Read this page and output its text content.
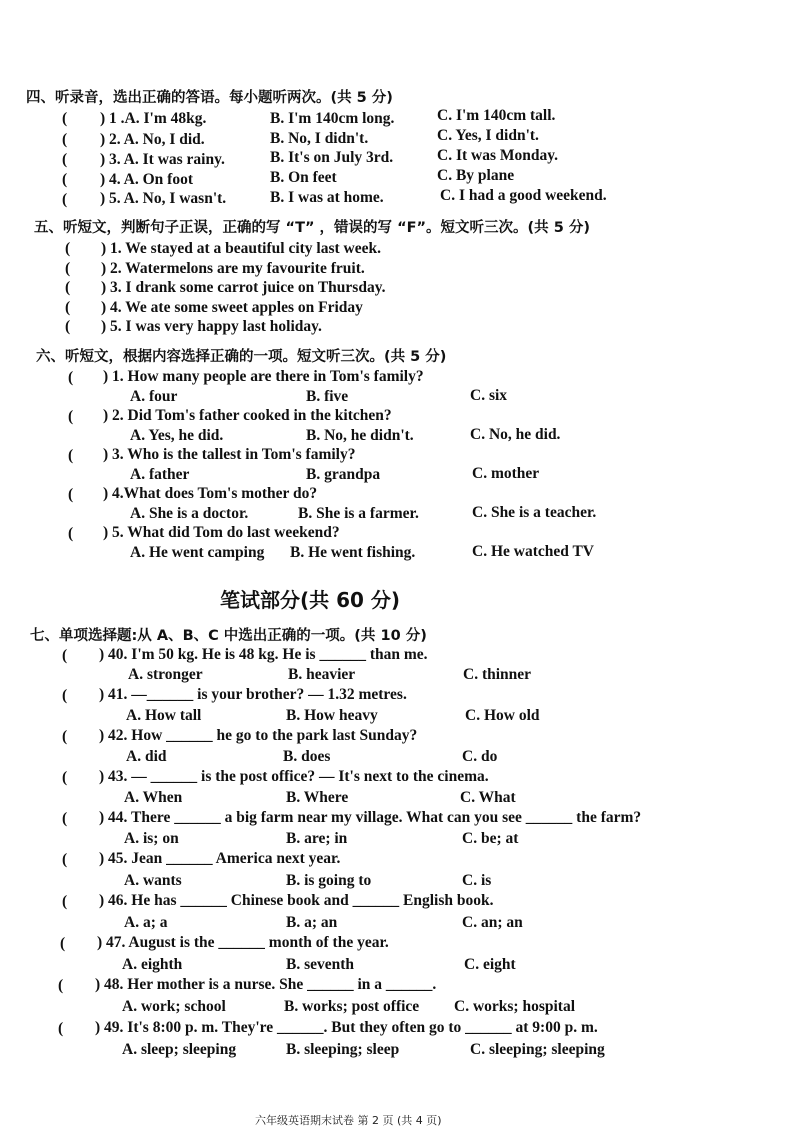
四、听录音，选出正确的答语。每小题听两次。(共 5 分)
( ) 1 .A. I'm 48kg.	B. I'm 140cm long.	C. I'm 140cm tall.
( ) 2. A. No, I did.	B. No, I didn't.	C. Yes, I didn't.
( ) 3. A. It was rainy.	B. It's on July 3rd.	C. It was Monday.
( ) 4. A. On foot	B. On feet	C. By plane
( ) 5. A. No, I wasn't.	B. I was at home.	C. I had a good weekend.
五、听短文，判断句子正误，正确的写 “T” ，错误的写 “F”。短文听三次。(共 5 分)
( ) 1. We stayed at a beautiful city last week.
( ) 2. Watermelons are my favourite fruit.
( ) 3. I drank some carrot juice on Thursday.
( ) 4. We ate some sweet apples on Friday
( ) 5. I was very happy last holiday.
六、听短文，根据内容选择正确的一项。短文听三次。(共 5 分)
( ) 1. How many people are there in Tom's family?
A. four	B. five	C. six
( ) 2. Did Tom's father cooked in the kitchen?
A. Yes, he did.	B. No, he didn't.	C. No, he did.
( ) 3. Who is the tallest in Tom's family?
A. father	B. grandpa	C. mother
( ) 4.What does Tom's mother do?
A. She is a doctor.	B. She is a farmer.	C. She is a teacher.
( ) 5. What did Tom do last weekend?
A. He went camping B. He went fishing.	C. He watched TV
笔试部分(共 60 分)
七、单项选择题:从 A、B、C 中选出正确的一项。(共 10 分)
( ) 40. I'm 50 kg. He is 48 kg. He is ______ than me.
A. stronger	B. heavier	C. thinner
( ) 41. —______ is your brother? — 1.32 metres.
A. How tall	B. How heavy	C. How old
( ) 42. How ______ he go to the park last Sunday?
A. did	B. does	C. do
( ) 43. — ______ is the post office? — It's next to the cinema.
A. When	B. Where	C. What
( ) 44. There ______ a big farm near my village. What can you see ______ the farm?
A. is; on	B. are; in	C. be; at
( ) 45. Jean ______ America next year.
A. wants	B. is going to	C. is
( ) 46. He has ______ Chinese book and ______ English book.
A. a; a	B. a; an	C. an; an
( ) 47. August is the ______ month of the year.
A. eighth	B. seventh	C. eight
( ) 48. Her mother is a nurse. She ______ in a ______.
A. work; school	B. works; post office C. works; hospital
( ) 49. It's 8:00 p. m. They're ______. But they often go to ______ at 9:00 p. m.
A. sleep; sleeping	B. sleeping; sleep	C. sleeping; sleeping
六年级英语期末试卷 第 2 页 (共 4 页)
